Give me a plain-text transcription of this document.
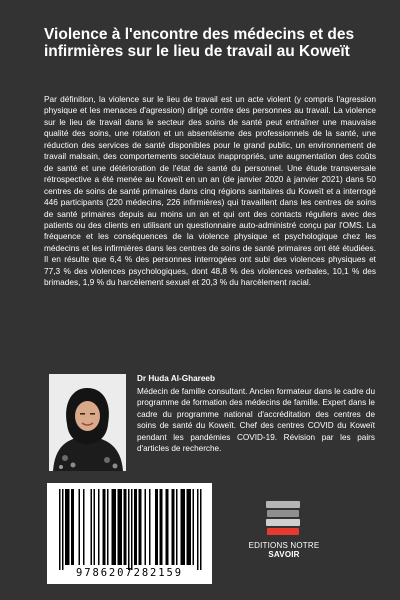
Violence à l'encontre des médecins et des infirmières sur le lieu de travail au Koweït

Par définition, la violence sur le lieu de travail est un acte violent (y compris l'agression physique et les menaces d'agression) dirigé contre des personnes au travail. La violence sur le lieu de travail dans le secteur des soins de santé peut entraîner une mauvaise qualité des soins, une rotation et un absentéisme des professionnels de la santé, une réduction des services de santé disponibles pour le grand public, un environnement de travail malsain, des comportements sociétaux inappropriés, une augmentation des coûts de santé et une détérioration de l'état de santé du personnel. Une étude transversale rétrospective a été menée au Koweït en un an (de janvier 2020 à janvier 2021) dans 50 centres de soins de santé primaires dans cinq régions sanitaires du Koweït et a interrogé 446 participants (220 médecins, 226 infirmières) qui travaillent dans les centres de soins de santé primaires depuis au moins un an et qui ont des contacts réguliers avec des patients ou des clients en utilisant un questionnaire auto-administré conçu par l'OMS. La fréquence et les conséquences de la violence physique et psychologique chez les médecins et les infirmières dans les centres de soins de santé primaires ont été étudiées. Il en résulte que 6,4 % des personnes interrogées ont subi des violences physiques et 77,3 % des violences psychologiques, dont 48,8 % des violences verbales, 10,1 % des brimades, 1,9 % du harcèlement sexuel et 20,3 % du harcèlement racial.

Dr Huda Al-Ghareeb

Médecin de famille consultant. Ancien formateur dans le cadre du programme de formation des médecins de famille. Expert dans le cadre du programme national d'accréditation des centres de soins de santé du Koweït. Chef des centres COVID du Koweït pendant les pandémies COVID-19. Révision par les pairs d'articles de recherche.

9786207282159
EDITIONS NOTRE SAVOIR
